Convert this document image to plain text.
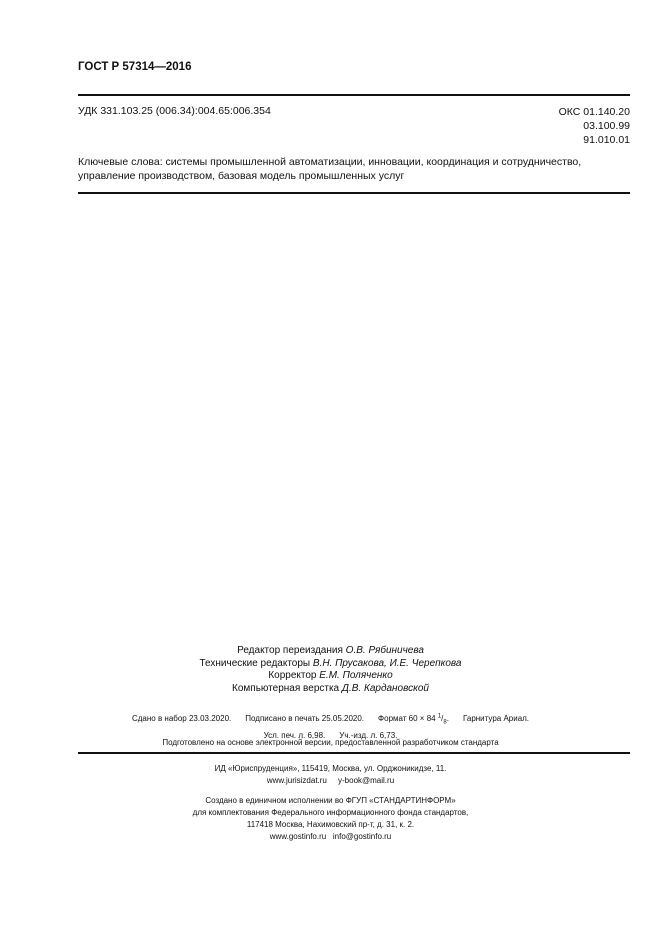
ГОСТ Р 57314—2016
УДК 331.103.25 (006.34):004.65:006.354	ОКС 01.140.20
03.100.99
91.010.01
Ключевые слова: системы промышленной автоматизации, инновации, координация и сотрудничество, управление производством, базовая модель промышленных услуг
Редактор переиздания О.В. Рябиничева
Технические редакторы В.Н. Прусакова, И.Е. Черепкова
Корректор Е.М. Поляченко
Компьютерная верстка Д.В. Кардановской
Сдано в набор 23.03.2020. Подписано в печать 25.05.2020. Формат 60 × 84 $^1/_8$. Гарнитура Ариал.
Усл. печ. л. 6,98. Уч.-изд. л. 6,73.
Подготовлено на основе электронной версии, предоставленной разработчиком стандарта
ИД «Юриспруденция», 115419, Москва, ул. Орджоникидзе, 11.
www.jurisizdat.ru y-book@mail.ru
Создано в единичном исполнении во ФГУП «СТАНДАРТИНФОРМ»
для комплектования Федерального информационного фонда стандартов,
117418 Москва, Нахимовский пр-т, д. 31, к. 2.
www.gostinfo.ru info@gostinfo.ru
